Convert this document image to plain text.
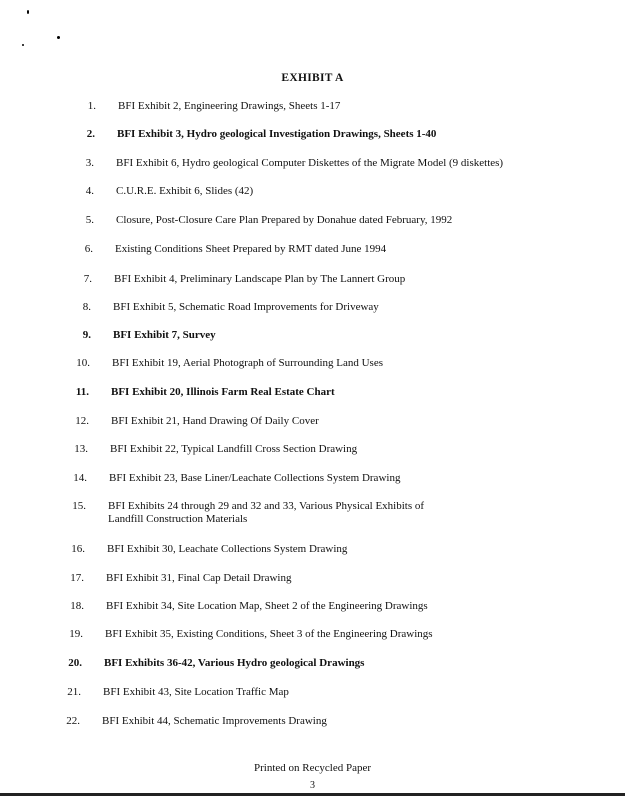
EXHIBIT A
1. BFI Exhibit 2, Engineering Drawings, Sheets 1-17
2. BFI Exhibit 3, Hydro geological Investigation Drawings, Sheets 1-40
3. BFI Exhibit 6, Hydro geological Computer Diskettes of the Migrate Model (9 diskettes)
4. C.U.R.E. Exhibit 6, Slides (42)
5. Closure, Post-Closure Care Plan Prepared by Donahue dated February, 1992
6. Existing Conditions Sheet Prepared by RMT dated June 1994
7. BFI Exhibit 4, Preliminary Landscape Plan by The Lannert Group
8. BFI Exhibit 5, Schematic Road Improvements for Driveway
9. BFI Exhibit 7, Survey
10. BFI Exhibit 19, Aerial Photograph of Surrounding Land Uses
11. BFI Exhibit 20, Illinois Farm Real Estate Chart
12. BFI Exhibit 21, Hand Drawing Of Daily Cover
13. BFI Exhibit 22, Typical Landfill Cross Section Drawing
14. BFI Exhibit 23, Base Liner/Leachate Collections System Drawing
15. BFI Exhibits 24 through 29 and 32 and 33, Various Physical Exhibits of
Landfill Construction Materials
16. BFI Exhibit 30, Leachate Collections System Drawing
17. BFI Exhibit 31, Final Cap Detail Drawing
18. BFI Exhibit 34, Site Location Map, Sheet 2 of the Engineering Drawings
19. BFI Exhibit 35, Existing Conditions, Sheet 3 of the Engineering Drawings
20. BFI Exhibits 36-42, Various Hydro geological Drawings
21. BFI Exhibit 43, Site Location Traffic Map
22. BFI Exhibit 44, Schematic Improvements Drawing
Printed on Recycled Paper
3
